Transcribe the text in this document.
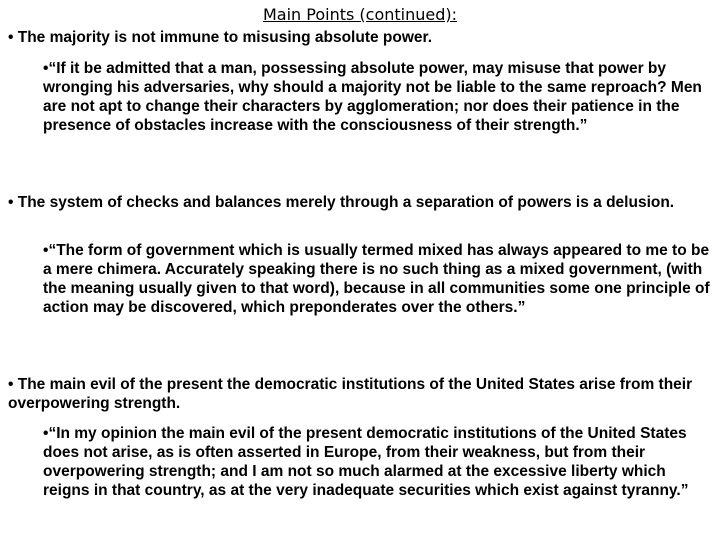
Main Points (continued):
• The majority is not immune to misusing absolute power.
•“If it be admitted that a man, possessing absolute power, may misuse that power by wronging his adversaries, why should a majority not be liable to the same reproach? Men are not apt to change their characters by agglomeration; nor does their patience in the presence of obstacles increase with the consciousness of their strength.”
• The system of checks and balances merely through a separation of powers is a delusion.
•“The form of government which is usually termed mixed has always appeared to me to be a mere chimera. Accurately speaking there is no such thing as a mixed government, (with the meaning usually given to that word), because in all communities some one principle of action may be discovered, which preponderates over the others.”
• The main evil of the present the democratic institutions of the United States arise from their overpowering strength.
•“In my opinion the main evil of the present democratic institutions of the United States does not arise, as is often asserted in Europe, from their weakness, but from their overpowering strength; and I am not so much alarmed at the excessive liberty which reigns in that country, as at the very inadequate securities which exist against tyranny.”
